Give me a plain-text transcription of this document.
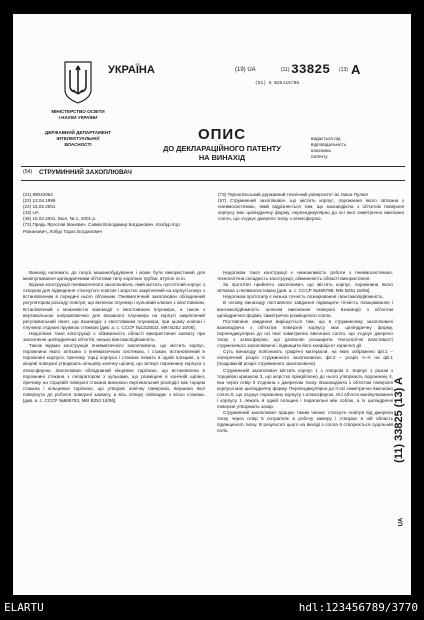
УКРАЇНА
МІНІСТЕРСТВО ОСВІТИ
І НАУКИ УКРАЇНИ
ДЕРЖАВНИЙ ДЕПАРТАМЕНТ
ІНТЕЛЕКТУАЛЬНОЇ
ВЛАСНОСТІ
(19) UA	(11) 33825 (13) A
(51) 6 В25J15/06
ОПИС
ДО ДЕКЛАРАЦІЙНОГО ПАТЕНТУ
НА ВИНАХІД
видається під
відповідальність
власника
патенту
(54) СТРУМИННИЙ ЗАХОПЛЮВАЧ
(21) 99042062
(22) 13.04.1999
(24) 15.02.2001
(33) UA
(46) 15.02.2001, Бюл. № 1, 2001 р.
(72) Прядь Ярослав Іванович, Савків Володимир Богданович, Козбур Ігор Романович, Лобур Тарас Богданович
(73) Тернопільський державний технічний університет ім. Івана Пулюя
(57) Струминний захоплювач, що містить корпус, порожнина якого зв'язана з пневмосистемою, який відрізняється тим, що взаємодіюча з об'єктом поверхня корпусу має циліндричну форму, перпендикулярно до осі якої симетрично виконано сопло, що з'єднує джерело тиску з атмосферою.

Винахід належить до галузі машинобудування і може бути використаний для маніпулювання циліндричними об'єктами типу коротких трубок, втулок та ін.

Відома конструкція пневматичного захоплювача, який містить пустотілий корпус з отвором для підведення стиснутого повітря і жорстко закріплений на корпусі кожух з встановленим в середині нього об'ємним. Пневматичний захоплювач обладнаний регулятором розходу повітря, що включає плунжер і кульовий клапан з хвостовиком, встановлений з можливістю взаємодії з хвостовиком плунжера, а також з вертикальною направляючою для вказаного плунжера на корпусі закріплений регулювальний гвинт, що взаємодіє з хвостовиком плунжера, при цьому клапан і плунжер з'єднані пружною стяжкою [див. а. с. СССР №1318532, МКІ В25J 15/06].

Недоліком такої конструкції є обмеженість області використання захвату при захопленні циліндричних об'єктів, низька вантажопідйомність.

Також відома конструкція пневматичного захоплювача, що містить корпус, порожнина якого зв'язана з пневматичною системою, і стакан, встановлений в порожнині корпуса, причому торці корпуса і стакана лежать в одній площині, а їх кінцеві поверхні утворюють кільцеву конічну щілину, що зв'язує порожнину корпуса з атмосферою. Захоплювач обладнаний кінцевою тарілкою, що встановлена в порожнині стакана з сепаратором з кульками, що розміщені в конічній щілині, причому на торцевій поверхні стакана виконано вертикальний розподіл між торцем стакана і кільцевою тарілкою, що утворює конічну поверхню, вершина якої повернута до робочої поверхні захвату, а вісь отвору співпадає з віссю стакана. [див. а. с. СССР №665783, МКІ В25J 15/06].

Недоліком такої конструкції є неможливість роботи з пневмосистемою, технологічна складність конструкції, обмеженість області використання.

За прототип прийнято захоплювач, що містить корпус, порожнина якого зв'язана з пневмосистемою [див. а. с. СССР №365798, МКІ В25J 15/06].

Недоліком прототипу є низька точність позиціювання і вантажопідйомність.

В основу винаходу поставлено завдання підвищити точність позиціювання і вантажопідйомність шляхом виконання поверхні взаємодії з об'єктом циліндричної форми, симетрично розміщеного сопла.

Поставлене завдання вирішується тим, що в струминному захоплювачі взаємодіюча з об'єктом поверхня корпусу має циліндричну форму, перпендикулярно до осі якої симетрично виконано сопло, що з'єднує джерело тиску з атмосферою, що дозволяє розширити технологічні властивості струменевого захоплювача і підвищити його коефіцієнт корисної дії.

Суть винаходу пояснюють графічні матеріали, на яких зображено фіг.1 – поперечний розріз струминного захоплювача; фіг.2 – розріз А–А на фіг.1 (поздовжній розріз струминного захоплювача).

Струминний захоплювач містить корпус 1 з отвором 2. Корпус 1 разом з торцевою кришкою 3, що жорстко прикріплено до нього утворюють порожнину 4, яка через отвір 5 з'єднана з джерелом тиску. Взаємодіюча з об'єктом поверхня корпуса має циліндричну форму. Перпендикулярно до її осі симетрично виконано сопло 6, що з'єднує порожнину корпусу з атмосферою. Осі об'єкта маніпулювання і корпусу 1 лежать в одній площині і паралельні між собою, а їх циліндричні поверхні утворюють зазор.

Струминний захоплювач працює таким чином: стиснуте повітря від джерела тиску через отвір 5 потрапляє в робочу камеру і створює в ній область підвищеного тиску. В результаті цього на виході з сопла 6 створюється суцільний потік.	(11) 33825 (13) A
UA
ELARTU	hdl:123456789/3770
